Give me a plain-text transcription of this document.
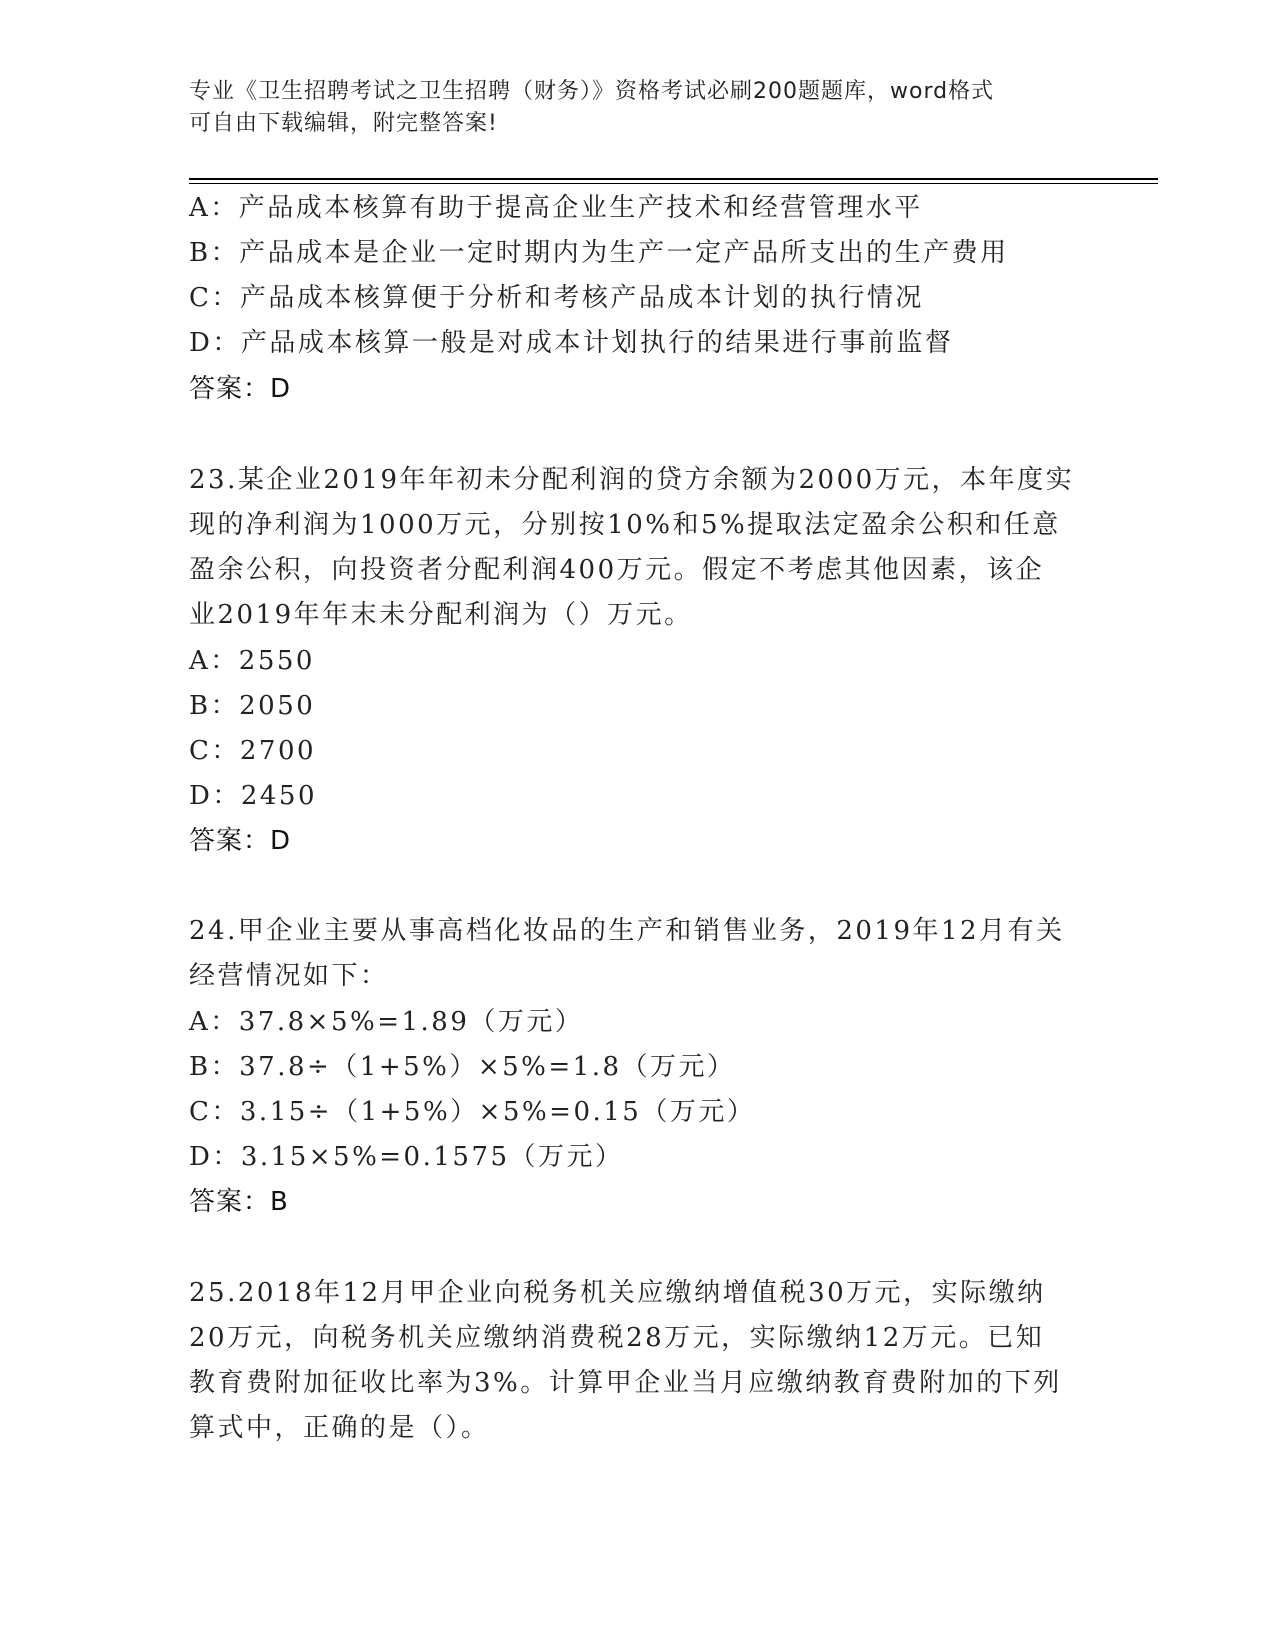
专业《卫生招聘考试之卫生招聘（财务）》资格考试必刷200题题库，word格式
可自由下载编辑，附完整答案!
A：产品成本核算有助于提高企业生产技术和经营管理水平
B：产品成本是企业一定时期内为生产一定产品所支出的生产费用
C：产品成本核算便于分析和考核产品成本计划的执行情况
D：产品成本核算一般是对成本计划执行的结果进行事前监督
答案：D
23.某企业2019年年初未分配利润的贷方余额为2000万元，本年度实
现的净利润为1000万元，分别按10%和5%提取法定盈余公积和任意
盈余公积，向投资者分配利润400万元。假定不考虑其他因素，该企
业2019年年末未分配利润为（）万元。
A：2550
B：2050
C：2700
D：2450
答案：D
24.甲企业主要从事高档化妆品的生产和销售业务，2019年12月有关
经营情况如下：
A：37.8×5%=1.89（万元）
B：37.8÷（1+5%）×5%=1.8（万元）
C：3.15÷（1+5%）×5%=0.15（万元）
D：3.15×5%=0.1575（万元）
答案：B
25.2018年12月甲企业向税务机关应缴纳增值税30万元，实际缴纳
20万元，向税务机关应缴纳消费税28万元，实际缴纳12万元。已知
教育费附加征收比率为3%。计算甲企业当月应缴纳教育费附加的下列
算式中，正确的是（）。
